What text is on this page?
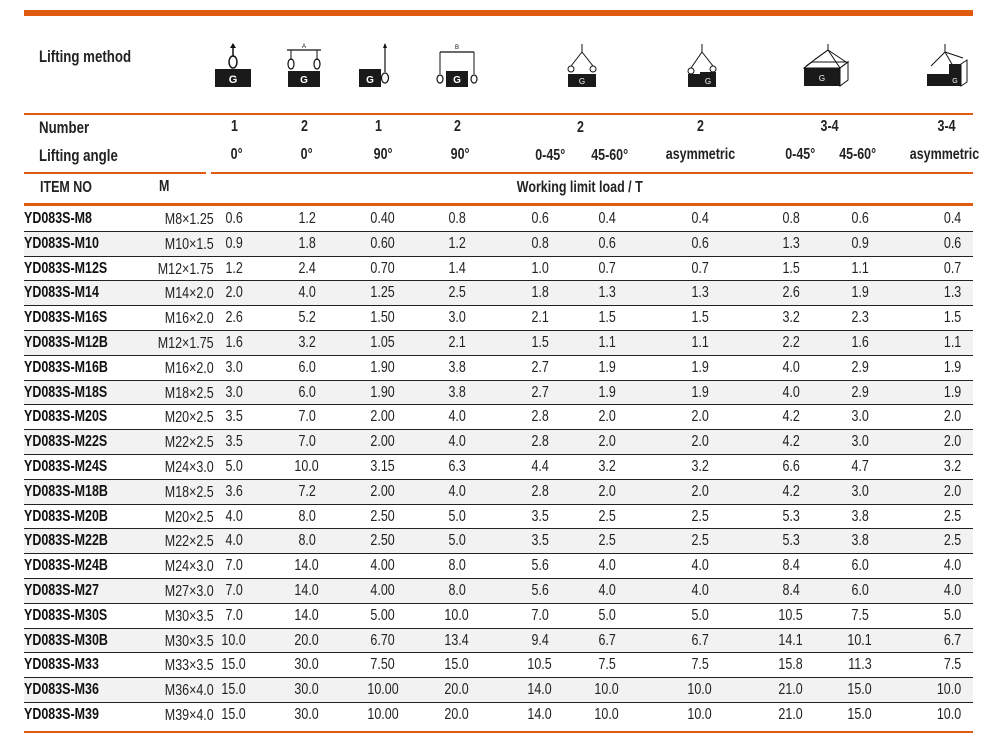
Lifting method
G
A
G	G
B
G	G	G	G	G
Number	1	2	1	2	2	2	3-4	3-4
Lifting angle	0°	0°	90°	90°	0-45°	45-60°	asymmetric	0-45°	45-60°	asymmetric
ITEM NO	M	Working limit load / T
YD083S-M8	M8×1.25 0.6	1.2	0.40	0.8	0.6	0.4	0.4	0.8	0.6	0.4
YD083S-M10	M10×1.5 0.9	1.8	0.60	1.2	0.8	0.6	0.6	1.3	0.9	0.6
YD083S-M12S	M12×1.75 1.2	2.4	0.70	1.4	1.0	0.7	0.7	1.5	1.1	0.7
YD083S-M14	M14×2.0 2.0	4.0	1.25	2.5	1.8	1.3	1.3	2.6	1.9	1.3
YD083S-M16S	M16×2.0 2.6	5.2	1.50	3.0	2.1	1.5	1.5	3.2	2.3	1.5
YD083S-M12B	M12×1.75 1.6	3.2	1.05	2.1	1.5	1.1	1.1	2.2	1.6	1.1
YD083S-M16B	M16×2.0 3.0	6.0	1.90	3.8	2.7	1.9	1.9	4.0	2.9	1.9
YD083S-M18S	M18×2.5 3.0	6.0	1.90	3.8	2.7	1.9	1.9	4.0	2.9	1.9
YD083S-M20S	M20×2.5 3.5	7.0	2.00	4.0	2.8	2.0	2.0	4.2	3.0	2.0
YD083S-M22S	M22×2.5 3.5	7.0	2.00	4.0	2.8	2.0	2.0	4.2	3.0	2.0
YD083S-M24S	M24×3.0 5.0	10.0	3.15	6.3	4.4	3.2	3.2	6.6	4.7	3.2
YD083S-M18B	M18×2.5 3.6	7.2	2.00	4.0	2.8	2.0	2.0	4.2	3.0	2.0
YD083S-M20B	M20×2.5 4.0	8.0	2.50	5.0	3.5	2.5	2.5	5.3	3.8	2.5
YD083S-M22B	M22×2.5 4.0	8.0	2.50	5.0	3.5	2.5	2.5	5.3	3.8	2.5
YD083S-M24B	M24×3.0 7.0	14.0	4.00	8.0	5.6	4.0	4.0	8.4	6.0	4.0
YD083S-M27	M27×3.0 7.0	14.0	4.00	8.0	5.6	4.0	4.0	8.4	6.0	4.0
YD083S-M30S	M30×3.5 7.0	14.0	5.00	10.0	7.0	5.0	5.0	10.5	7.5	5.0
YD083S-M30B	M30×3.5 10.0	20.0	6.70	13.4	9.4	6.7	6.7	14.1	10.1	6.7
YD083S-M33	M33×3.5 15.0	30.0	7.50	15.0	10.5	7.5	7.5	15.8	11.3	7.5
YD083S-M36	M36×4.0 15.0	30.0	10.00	20.0	14.0	10.0	10.0	21.0	15.0	10.0
YD083S-M39	M39×4.0 15.0	30.0	10.00	20.0	14.0	10.0	10.0	21.0	15.0	10.0
